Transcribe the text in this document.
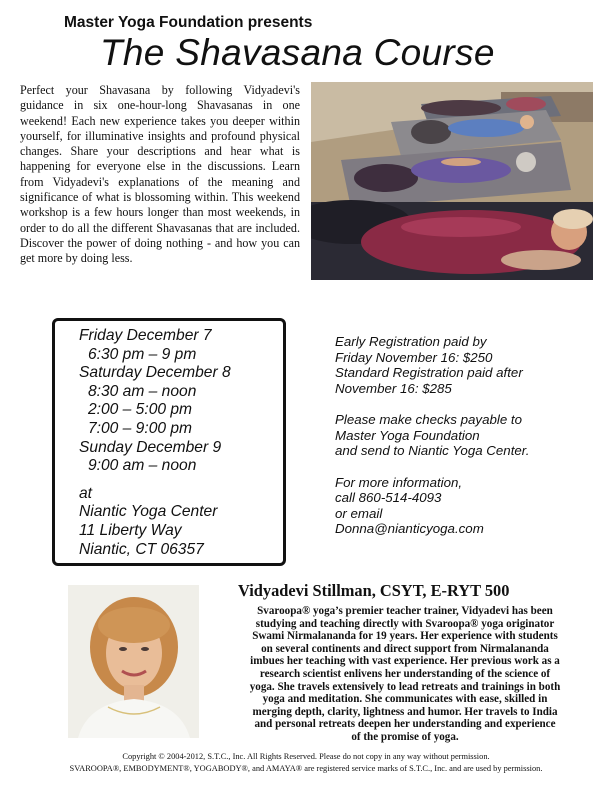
Master Yoga Foundation presents
The Shavasana Course
Perfect your Shavasana by following Vidyadevi's guidance in six one-hour-long Shavasanas in one weekend! Each new experience takes you deeper within yourself, for illuminative insights and profound physical changes. Share your descriptions and hear what is happening for everyone else in the discussions. Learn from Vidyadevi's explanations of the meaning and significance of what is blossoming within. This weekend workshop is a few hours longer than most weekends, in order to do all the different Shavasanas that are included. Discover the power of doing nothing - and how you can get more by doing less.
Friday December 7
6:30 pm – 9 pm
Saturday December 8
8:30 am – noon
2:00 – 5:00 pm
7:00 – 9:00 pm
Sunday December 9
9:00 am – noon
at
Niantic Yoga Center
11 Liberty Way
Niantic, CT 06357
Early Registration paid by
Friday November 16: $250
Standard Registration paid after
November 16: $285
Please make checks payable to
Master Yoga Foundation
and send to Niantic Yoga Center.
For more information,
call 860-514-4093
or email
Donna@nianticyoga.com
Vidyadevi Stillman, CSYT, E-RYT 500
Svaroopa® yoga’s premier teacher trainer, Vidyadevi has been
studying and teaching directly with Svaroopa® yoga originator
Swami Nirmalananda for 19 years. Her experience with students
on several continents and direct support from Nirmalananda
imbues her teaching with vast experience. Her previous work as a
research scientist enlivens her understanding of the science of
yoga. She travels extensively to lead retreats and trainings in both
yoga and meditation. She communicates with ease, skilled in
merging depth, clarity, lightness and humor. Her travels to India
and personal retreats deepen her understanding and experience
of the promise of yoga.
Copyright © 2004-2012, S.T.C., Inc. All Rights Reserved. Please do not copy in any way without permission.
SVAROOPA®, EMBODYMENT®, YOGABODY®, and AMAYA® are registered service marks of S.T.C., Inc. and are used by permission.
